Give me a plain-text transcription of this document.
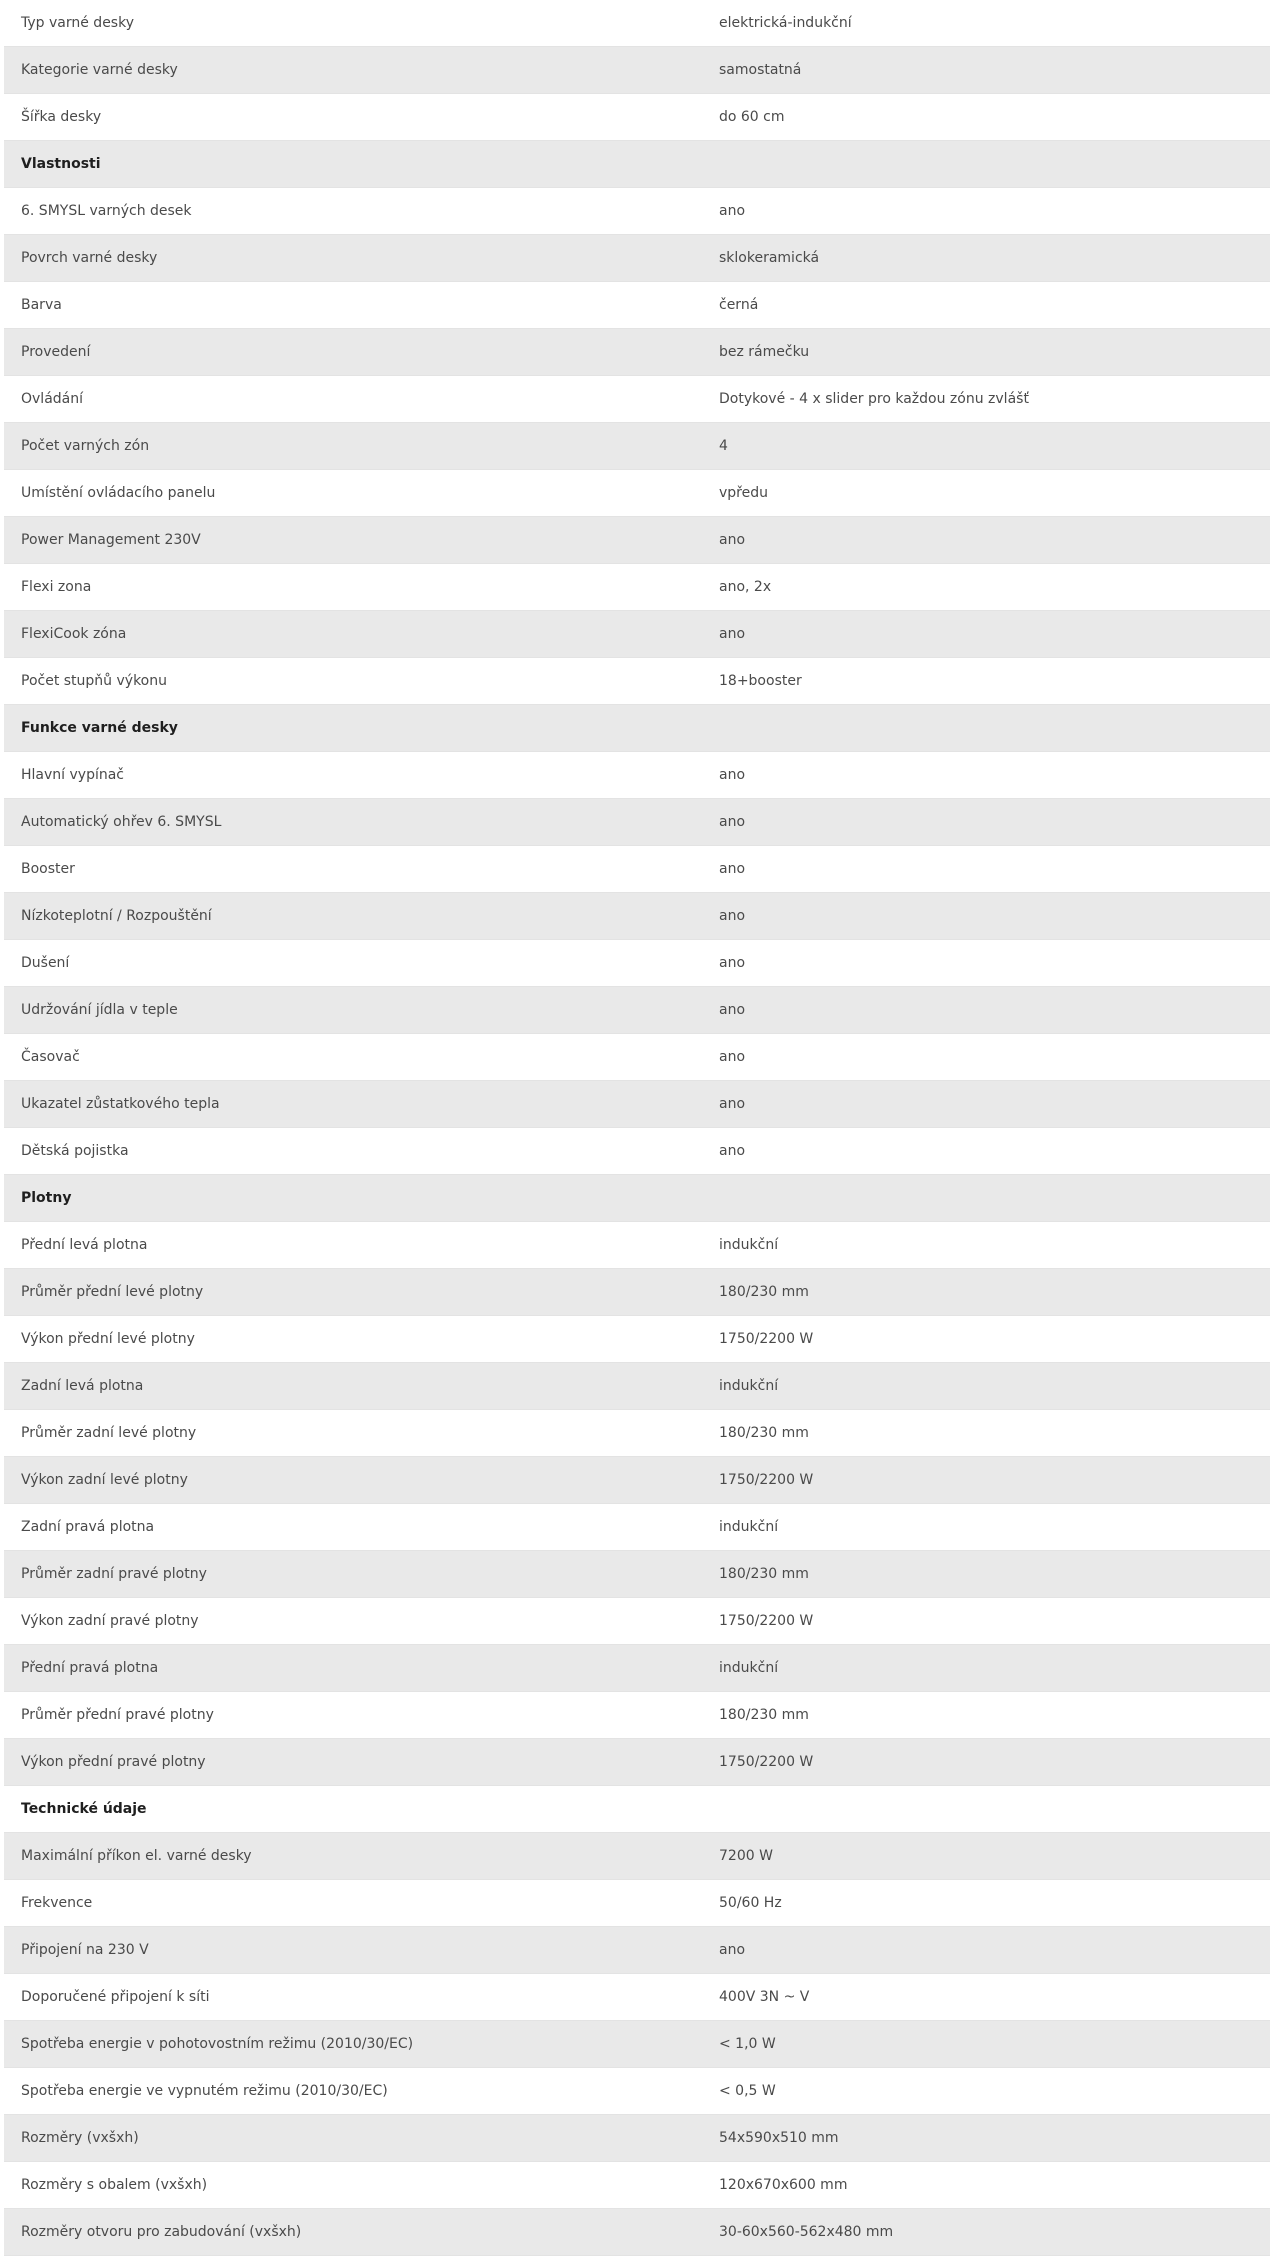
Typ varné desky	elektrická-indukční
Kategorie varné desky	samostatná
Šířka desky	do 60 cm
Vlastnosti
6. SMYSL varných desek	ano
Povrch varné desky	sklokeramická
Barva	černá
Provedení	bez rámečku
Ovládání	Dotykové - 4 x slider pro každou zónu zvlášť
Počet varných zón	4
Umístění ovládacího panelu	vpředu
Power Management 230V	ano
Flexi zona	ano, 2x
FlexiCook zóna	ano
Počet stupňů výkonu	18+booster
Funkce varné desky
Hlavní vypínač	ano
Automatický ohřev 6. SMYSL	ano
Booster	ano
Nízkoteplotní / Rozpouštění	ano
Dušení	ano
Udržování jídla v teple	ano
Časovač	ano
Ukazatel zůstatkového tepla	ano
Dětská pojistka	ano
Plotny
Přední levá plotna	indukční
Průměr přední levé plotny	180/230 mm
Výkon přední levé plotny	1750/2200 W
Zadní levá plotna	indukční
Průměr zadní levé plotny	180/230 mm
Výkon zadní levé plotny	1750/2200 W
Zadní pravá plotna	indukční
Průměr zadní pravé plotny	180/230 mm
Výkon zadní pravé plotny	1750/2200 W
Přední pravá plotna	indukční
Průměr přední pravé plotny	180/230 mm
Výkon přední pravé plotny	1750/2200 W
Technické údaje
Maximální příkon el. varné desky	7200 W
Frekvence	50/60 Hz
Připojení na 230 V	ano
Doporučené připojení k síti	400V 3N ~ V
Spotřeba energie v pohotovostním režimu (2010/30/EC)	< 1,0 W
Spotřeba energie ve vypnutém režimu (2010/30/EC)	< 0,5 W
Rozměry (vxšxh)	54x590x510 mm
Rozměry s obalem (vxšxh)	120x670x600 mm
Rozměry otvoru pro zabudování (vxšxh)	30-60x560-562x480 mm
